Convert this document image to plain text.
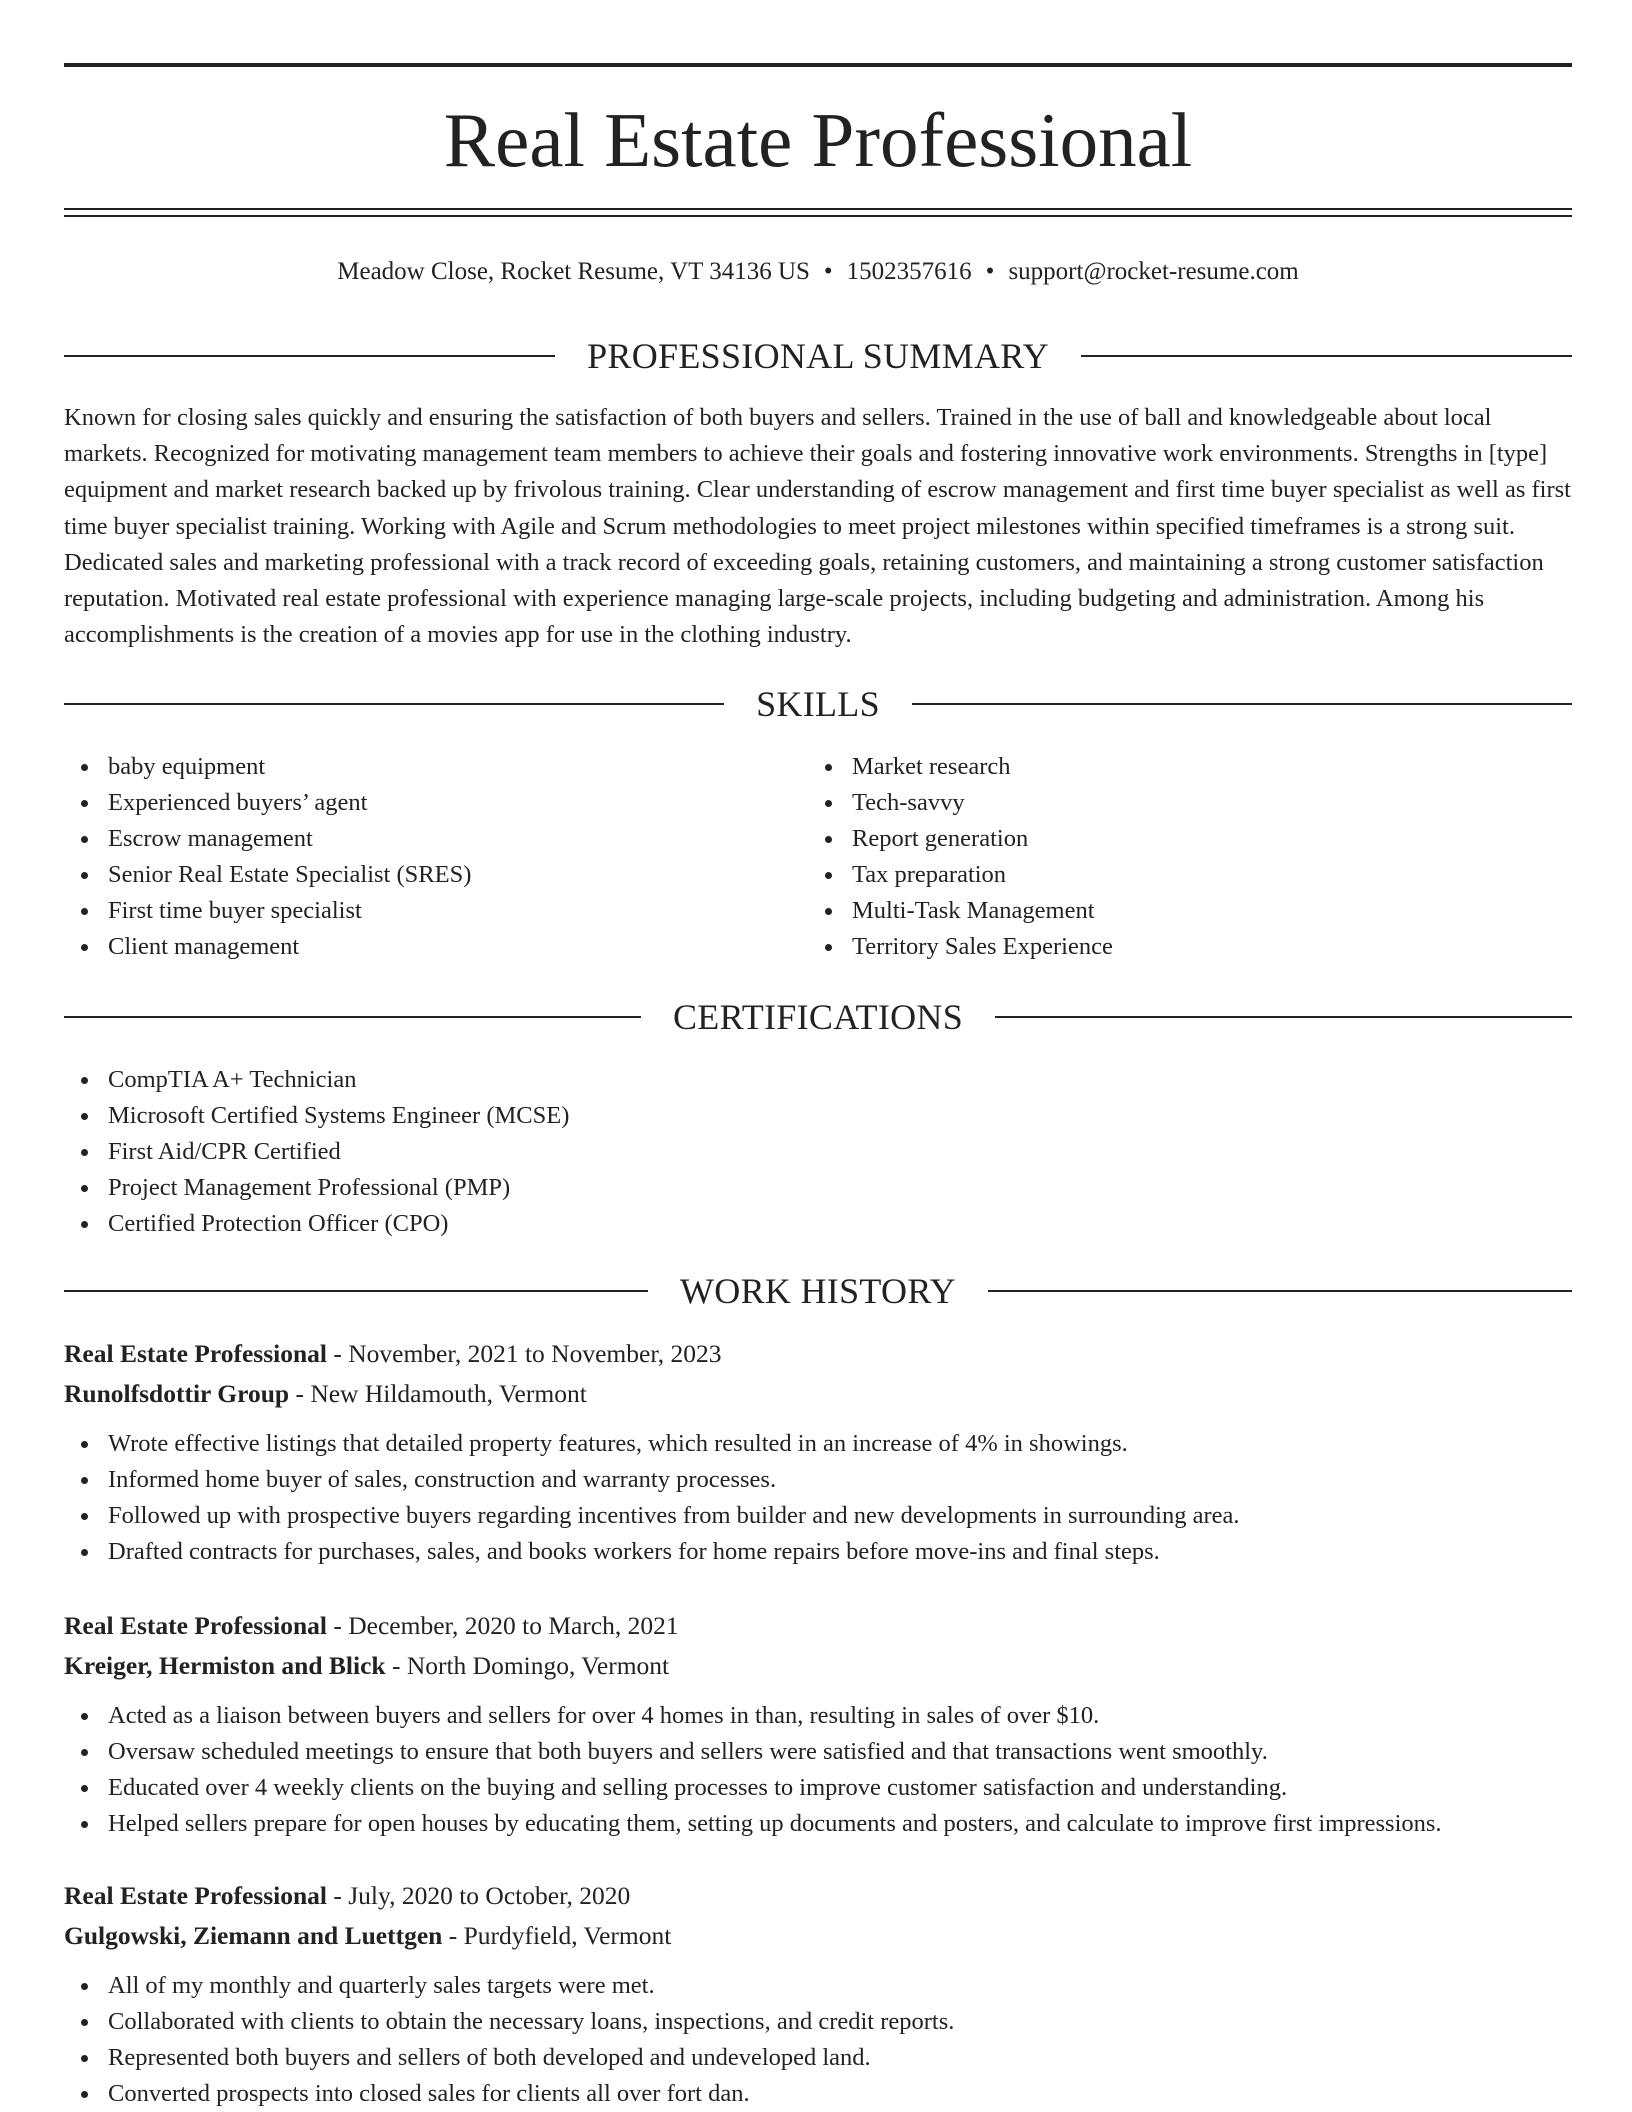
Real Estate Professional
Meadow Close, Rocket Resume, VT 34136 US • 1502357616 • support@rocket-resume.com
PROFESSIONAL SUMMARY

Known for closing sales quickly and ensuring the satisfaction of both buyers and sellers. Trained in the use of ball and knowledgeable about local markets. Recognized for motivating management team members to achieve their goals and fostering innovative work environments. Strengths in [type] equipment and market research backed up by frivolous training. Clear understanding of escrow management and first time buyer specialist as well as first time buyer specialist training. Working with Agile and Scrum methodologies to meet project milestones within specified timeframes is a strong suit. Dedicated sales and marketing professional with a track record of exceeding goals, retaining customers, and maintaining a strong customer satisfaction reputation. Motivated real estate professional with experience managing large-scale projects, including budgeting and administration. Among his accomplishments is the creation of a movies app for use in the clothing industry.

SKILLS
baby equipment
Experienced buyers’ agent
Escrow management
Senior Real Estate Specialist (SRES)
First time buyer specialist
Client management
Market research
Tech-savvy
Report generation
Tax preparation
Multi-Task Management
Territory Sales Experience
CERTIFICATIONS
CompTIA A+ Technician
Microsoft Certified Systems Engineer (MCSE)
First Aid/CPR Certified
Project Management Professional (PMP)
Certified Protection Officer (CPO)
WORK HISTORY
Real Estate Professional - November, 2021 to November, 2023
Runolfsdottir Group - New Hildamouth, Vermont
Wrote effective listings that detailed property features, which resulted in an increase of 4% in showings.
Informed home buyer of sales, construction and warranty processes.
Followed up with prospective buyers regarding incentives from builder and new developments in surrounding area.
Drafted contracts for purchases, sales, and books workers for home repairs before move-ins and final steps.
Real Estate Professional - December, 2020 to March, 2021
Kreiger, Hermiston and Blick - North Domingo, Vermont
Acted as a liaison between buyers and sellers for over 4 homes in than, resulting in sales of over $10.
Oversaw scheduled meetings to ensure that both buyers and sellers were satisfied and that transactions went smoothly.
Educated over 4 weekly clients on the buying and selling processes to improve customer satisfaction and understanding.
Helped sellers prepare for open houses by educating them, setting up documents and posters, and calculate to improve first impressions.
Real Estate Professional - July, 2020 to October, 2020
Gulgowski, Ziemann and Luettgen - Purdyfield, Vermont
All of my monthly and quarterly sales targets were met.
Collaborated with clients to obtain the necessary loans, inspections, and credit reports.
Represented both buyers and sellers of both developed and undeveloped land.
Converted prospects into closed sales for clients all over fort dan.
